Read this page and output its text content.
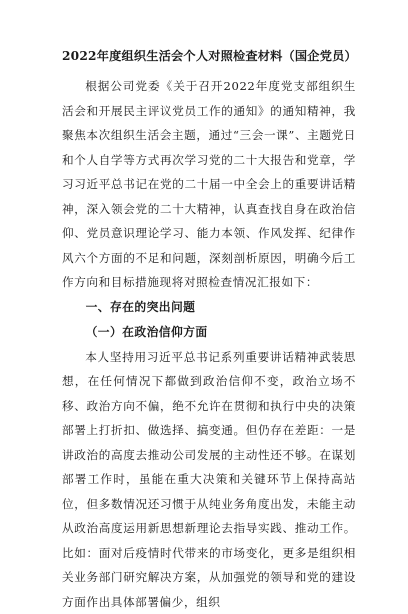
2022年度组织生活会个人对照检查材料（国企党员）

根据公司党委《关于召开2022年度党支部组织生活会和开展民主评议党员工作的通知》的通知精神，我聚焦本次组织生活会主题，通过“三会一课”、主题党日和个人自学等方式再次学习党的二十大报告和党章，学习习近平总书记在党的二十届一中全会上的重要讲话精神，深入领会党的二十大精神，认真查找自身在政治信仰、党员意识理论学习、能力本领、作风发挥、纪律作风六个方面的不足和问题，深刻剖析原因，明确今后工作方向和目标措施现将对照检查情况汇报如下：

一、存在的突出问题

（一）在政治信仰方面

本人坚持用习近平总书记系列重要讲话精神武装思想，在任何情况下都做到政治信仰不变，政治立场不移、政治方向不偏，绝不允许在贯彻和执行中央的决策部署上打折扣、做选择、搞变通。但仍存在差距：一是讲政治的高度去推动公司发展的主动性还不够。在谋划部署工作时，虽能在重大决策和关键环节上保持高站位，但多数情况还习惯于从纯业务角度出发，未能主动从政治高度运用新思想新理论去指导实践、推动工作。比如：面对后疫情时代带来的市场变化，更多是组织相关业务部门研究解决方案，从加强党的领导和党的建设方面作出具体部署偏少，组织
